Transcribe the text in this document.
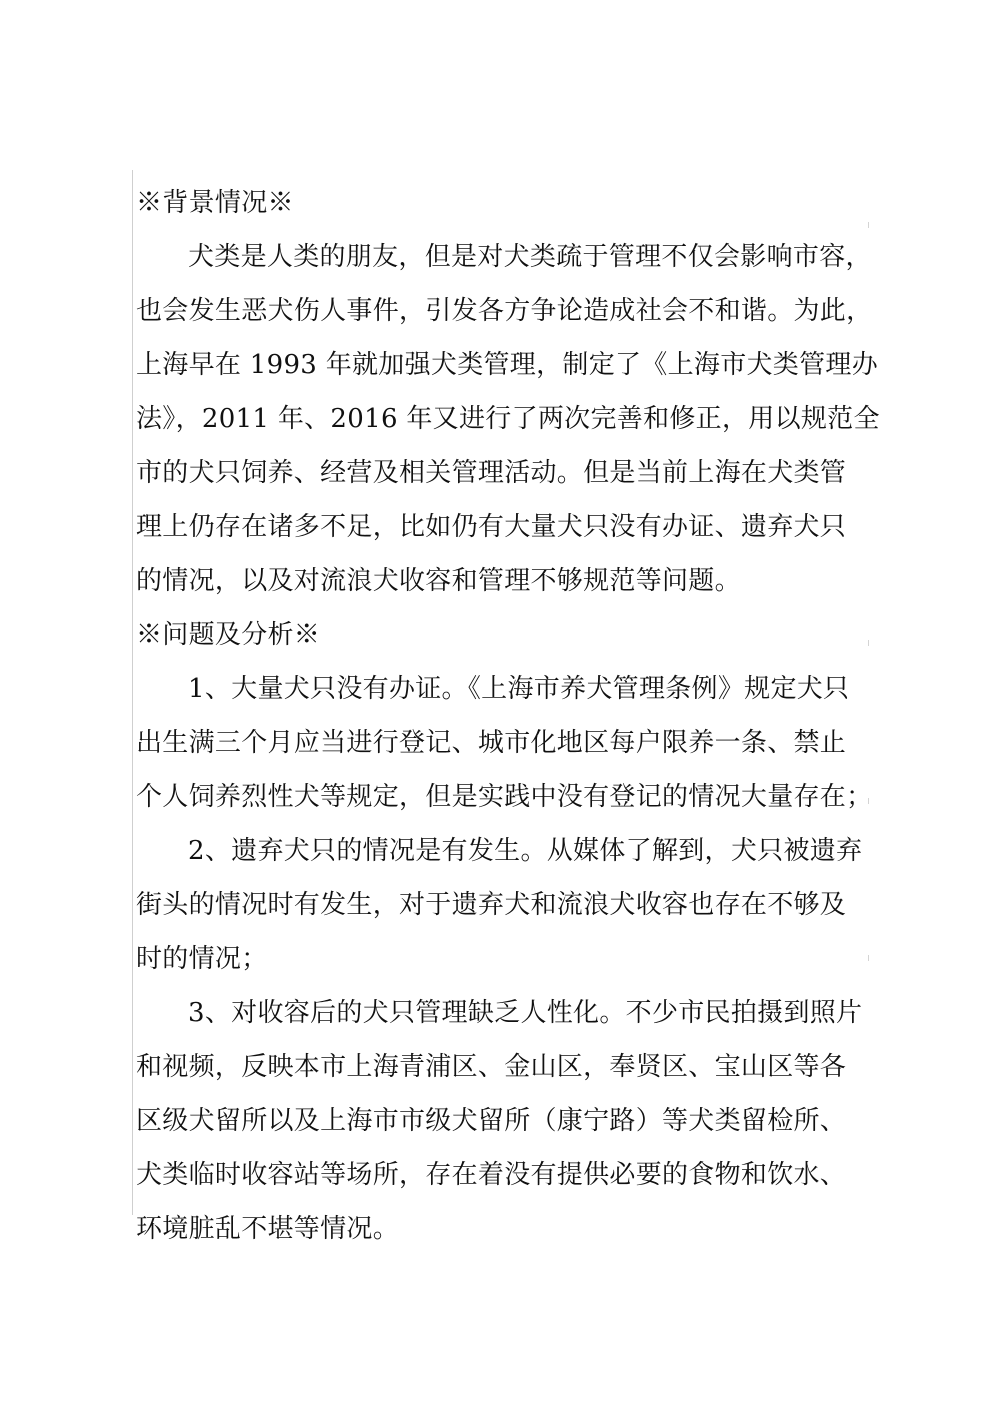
※背景情况※
犬类是人类的朋友，但是对犬类疏于管理不仅会影响市容，
也会发生恶犬伤人事件，引发各方争论造成社会不和谐。为此，
上海早在 1993 年就加强犬类管理，制定了《上海市犬类管理办
法》，2011 年、2016 年又进行了两次完善和修正，用以规范全
市的犬只饲养、经营及相关管理活动。但是当前上海在犬类管
理上仍存在诸多不足，比如仍有大量犬只没有办证、遗弃犬只
的情况，以及对流浪犬收容和管理不够规范等问题。
※问题及分析※
1、大量犬只没有办证。《上海市养犬管理条例》规定犬只
出生满三个月应当进行登记、城市化地区每户限养一条、禁止
个人饲养烈性犬等规定，但是实践中没有登记的情况大量存在；
2、遗弃犬只的情况是有发生。从媒体了解到，犬只被遗弃
街头的情况时有发生，对于遗弃犬和流浪犬收容也存在不够及
时的情况；
3、对收容后的犬只管理缺乏人性化。不少市民拍摄到照片
和视频，反映本市上海青浦区、金山区，奉贤区、宝山区等各
区级犬留所以及上海市市级犬留所（康宁路）等犬类留检所、
犬类临时收容站等场所，存在着没有提供必要的食物和饮水、
环境脏乱不堪等情况。
